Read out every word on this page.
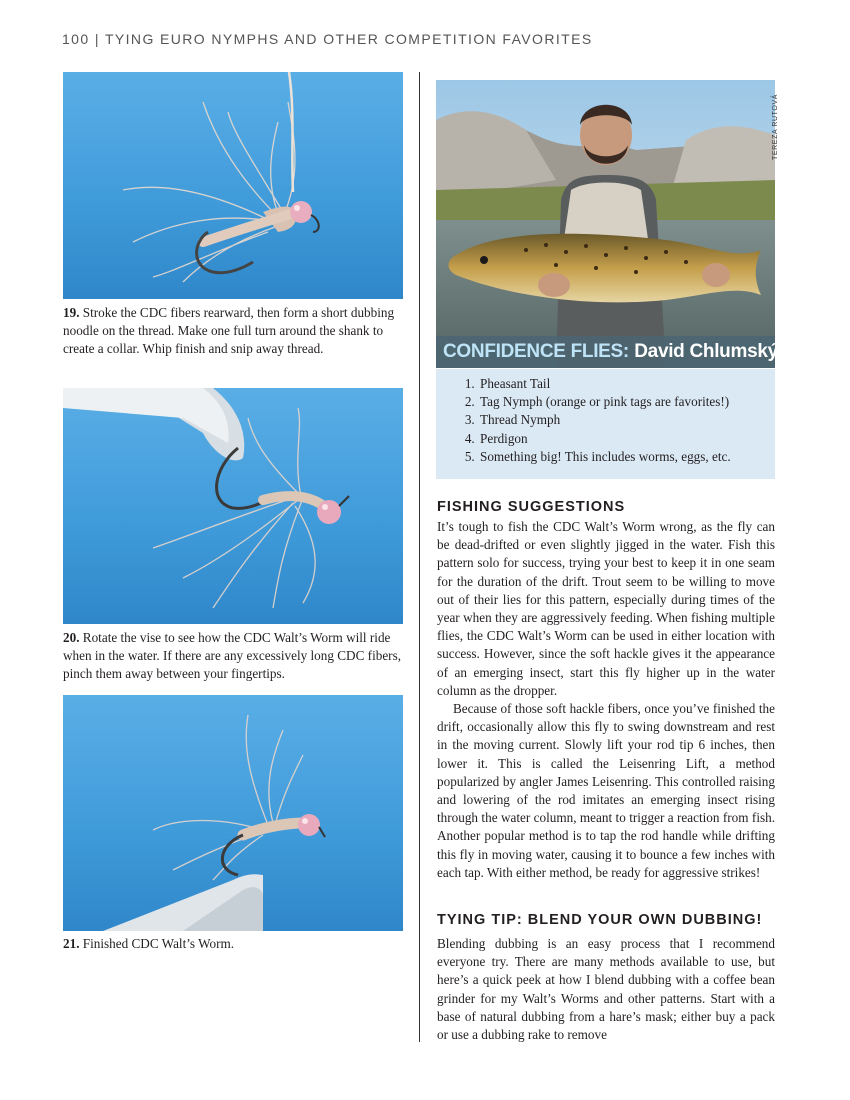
100 | TYING EURO NYMPHS AND OTHER COMPETITION FAVORITES
19. Stroke the CDC fibers rearward, then form a short dubbing noodle on the thread. Make one full turn around the shank to create a collar. Whip finish and snip away thread.
20. Rotate the vise to see how the CDC Walt’s Worm will ride when in the water. If there are any excessively long CDC fibers, pinch them away between your fingertips.
21. Finished CDC Walt’s Worm.
TEREZA RUTOVÁ
CONFIDENCE FLIES: David Chlumský
1. Pheasant Tail
2. Tag Nymph (orange or pink tags are favorites!)
3. Thread Nymph
4. Perdigon
5. Something big! This includes worms, eggs, etc.
FISHING SUGGESTIONS

It’s tough to fish the CDC Walt’s Worm wrong, as the fly can be dead-drifted or even slightly jigged in the water. Fish this pattern solo for success, trying your best to keep it in one seam for the duration of the drift. Trout seem to be willing to move out of their lies for this pattern, especially during times of the year when they are aggressively feeding. When fishing multiple flies, the CDC Walt’s Worm can be used in either location with success. However, since the soft hackle gives it the appearance of an emerging insect, start this fly higher up in the water column as the dropper.

Because of those soft hackle fibers, once you’ve finished the drift, occasionally allow this fly to swing downstream and rest in the moving current. Slowly lift your rod tip 6 inches, then lower it. This is called the Leisenring Lift, a method popularized by angler James Leisenring. This controlled raising and lowering of the rod imitates an emerging insect rising through the water column, meant to trigger a reaction from fish. Another popular method is to tap the rod handle while drifting this fly in moving water, causing it to bounce a few inches with each tap. With either method, be ready for aggressive strikes!

TYING TIP: BLEND YOUR OWN DUBBING!

Blending dubbing is an easy process that I recommend everyone try. There are many methods available to use, but here’s a quick peek at how I blend dubbing with a coffee bean grinder for my Walt’s Worms and other patterns. Start with a base of natural dubbing from a hare’s mask; either buy a pack or use a dubbing rake to remove
